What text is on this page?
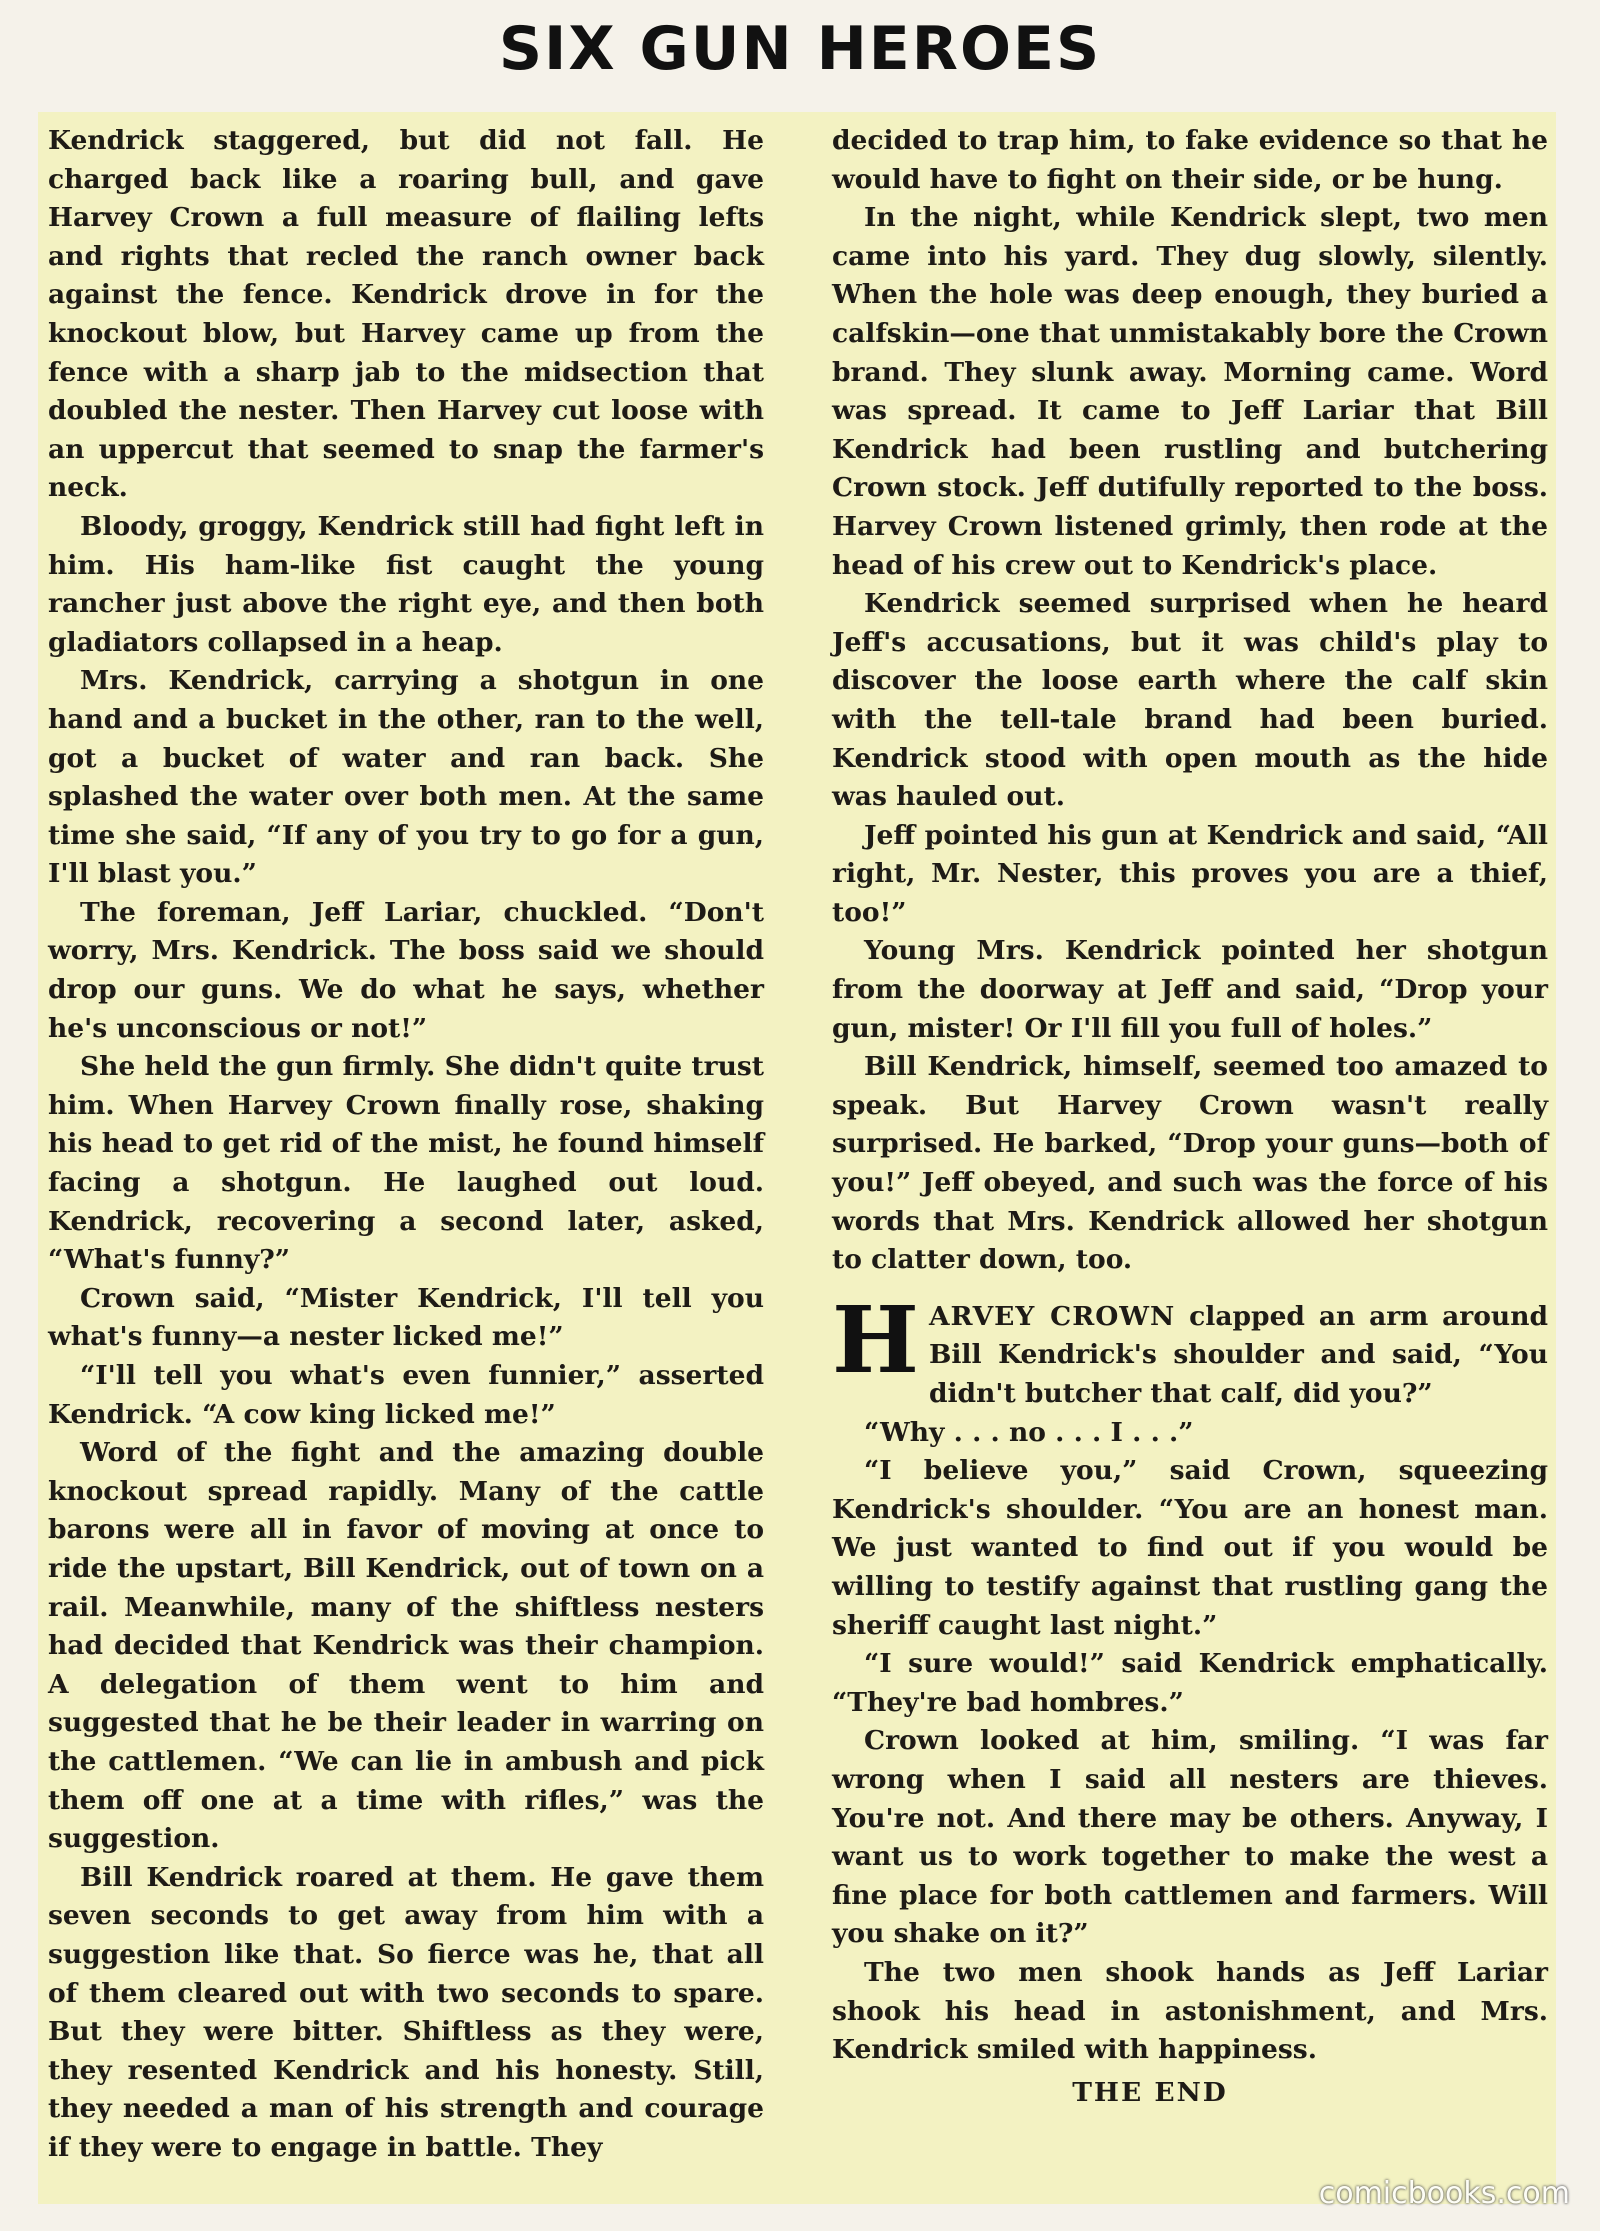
SIX GUN HEROES

Kendrick staggered, but did not fall. He charged back like a roaring bull, and gave Harvey Crown a full measure of flailing lefts and rights that recled the ranch owner back against the fence. Kendrick drove in for the knockout blow, but Harvey came up from the fence with a sharp jab to the midsection that doubled the nester. Then Harvey cut loose with an uppercut that seemed to snap the farmer's neck.

Bloody, groggy, Kendrick still had fight left in him. His ham-like fist caught the young rancher just above the right eye, and then both gladiators collapsed in a heap.

Mrs. Kendrick, carrying a shotgun in one hand and a bucket in the other, ran to the well, got a bucket of water and ran back. She splashed the water over both men. At the same time she said, “If any of you try to go for a gun, I'll blast you.”

The foreman, Jeff Lariar, chuckled. “Don't worry, Mrs. Kendrick. The boss said we should drop our guns. We do what he says, whether he's unconscious or not!”

She held the gun firmly. She didn't quite trust him. When Harvey Crown finally rose, shaking his head to get rid of the mist, he found himself facing a shotgun. He laughed out loud. Kendrick, recovering a second later, asked, “What's funny?”

Crown said, “Mister Kendrick, I'll tell you what's funny—a nester licked me!”

“I'll tell you what's even funnier,” asserted Kendrick. “A cow king licked me!”

Word of the fight and the amazing double knockout spread rapidly. Many of the cattle barons were all in favor of moving at once to ride the upstart, Bill Kendrick, out of town on a rail. Meanwhile, many of the shiftless nesters had decided that Kendrick was their champion. A delegation of them went to him and suggested that he be their leader in warring on the cattlemen. “We can lie in ambush and pick them off one at a time with rifles,” was the suggestion.

Bill Kendrick roared at them. He gave them seven seconds to get away from him with a suggestion like that. So fierce was he, that all of them cleared out with two seconds to spare. But they were bitter. Shiftless as they were, they resented Kendrick and his honesty. Still, they needed a man of his strength and courage if they were to engage in battle. They

decided to trap him, to fake evidence so that he would have to fight on their side, or be hung.

In the night, while Kendrick slept, two men came into his yard. They dug slowly, silently. When the hole was deep enough, they buried a calfskin—one that unmistakably bore the Crown brand. They slunk away. Morning came. Word was spread. It came to Jeff Lariar that Bill Kendrick had been rustling and butchering Crown stock. Jeff dutifully reported to the boss. Harvey Crown listened grimly, then rode at the head of his crew out to Kendrick's place.

Kendrick seemed surprised when he heard Jeff's accusations, but it was child's play to discover the loose earth where the calf skin with the tell-tale brand had been buried. Kendrick stood with open mouth as the hide was hauled out.

Jeff pointed his gun at Kendrick and said, “All right, Mr. Nester, this proves you are a thief, too!”

Young Mrs. Kendrick pointed her shotgun from the doorway at Jeff and said, “Drop your gun, mister! Or I'll fill you full of holes.”

Bill Kendrick, himself, seemed too amazed to speak. But Harvey Crown wasn't really surprised. He barked, “Drop your guns—both of you!” Jeff obeyed, and such was the force of his words that Mrs. Kendrick allowed her shotgun to clatter down, too.

HARVEY CROWN clapped an arm around Bill Kendrick's shoulder and said, “You didn't butcher that calf, did you?”

“Why . . . no . . . I . . .”

“I believe you,” said Crown, squeezing Kendrick's shoulder. “You are an honest man. We just wanted to find out if you would be willing to testify against that rustling gang the sheriff caught last night.”

“I sure would!” said Kendrick emphatically. “They're bad hombres.”

Crown looked at him, smiling. “I was far wrong when I said all nesters are thieves. You're not. And there may be others. Anyway, I want us to work together to make the west a fine place for both cattlemen and farmers. Will you shake on it?”

The two men shook hands as Jeff Lariar shook his head in astonishment, and Mrs. Kendrick smiled with happiness.

THE END

comicbooks.com
